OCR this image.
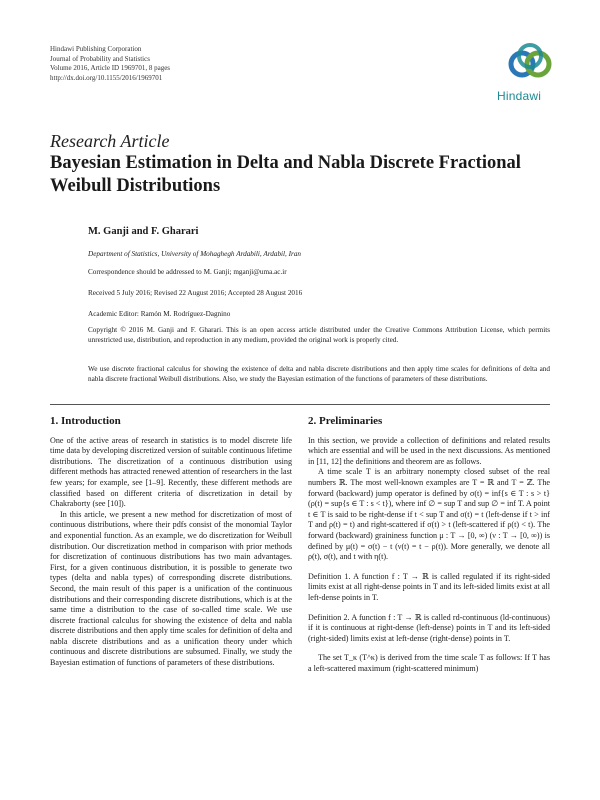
Hindawi Publishing Corporation
Journal of Probability and Statistics
Volume 2016, Article ID 1969701, 8 pages
http://dx.doi.org/10.1155/2016/1969701
Hindawi
Research Article
Bayesian Estimation in Delta and Nabla Discrete Fractional Weibull Distributions
M. Ganji and F. Gharari
Department of Statistics, University of Mohaghegh Ardabili, Ardabil, Iran
Correspondence should be addressed to M. Ganji; mganji@uma.ac.ir
Received 5 July 2016; Revised 22 August 2016; Accepted 28 August 2016
Academic Editor: Ramón M. Rodríguez-Dagnino
Copyright © 2016 M. Ganji and F. Gharari. This is an open access article distributed under the Creative Commons Attribution License, which permits unrestricted use, distribution, and reproduction in any medium, provided the original work is properly cited.
We use discrete fractional calculus for showing the existence of delta and nabla discrete distributions and then apply time scales for definitions of delta and nabla discrete fractional Weibull distributions. Also, we study the Bayesian estimation of the functions of parameters of these distributions.
1. Introduction

One of the active areas of research in statistics is to model discrete life time data by developing discretized version of suitable continuous lifetime distributions. The discretization of a continuous distribution using different methods has attracted renewed attention of researchers in the last few years; for example, see [1–9]. Recently, these different methods are classified based on different criteria of discretization in detail by Chakraborty (see [10]).

In this article, we present a new method for discretization of most of continuous distributions, where their pdfs consist of the monomial Taylor and exponential function. As an example, we do discretization for Weibull distribution. Our discretization method in comparison with prior methods for discretization of continuous distributions has two main advantages. First, for a given continuous distribution, it is possible to generate two types (delta and nabla types) of corresponding discrete distributions. Second, the main result of this paper is a unification of the continuous distributions and their corresponding discrete distributions, which is at the same time a distribution to the case of so-called time scale. We use discrete fractional calculus for showing the existence of delta and nabla discrete distributions and then apply time scales for definition of delta and nabla discrete distributions and as a unification theory under which continuous and discrete distributions are subsumed. Finally, we study the Bayesian estimation of functions of parameters of these distributions.

2. Preliminaries

In this section, we provide a collection of definitions and related results which are essential and will be used in the next discussions. As mentioned in [11, 12] the definitions and theorem are as follows.

A time scale T is an arbitrary nonempty closed subset of the real numbers ℝ. The most well-known examples are T = ℝ and T = ℤ. The forward (backward) jump operator is defined by σ(t) = inf{s ∈ T : s > t} (ρ(t) = sup{s ∈ T : s < t}), where inf ∅ = sup T and sup ∅ = inf T. A point t ∈ T is said to be right-dense if t < sup T and σ(t) = t (left-dense if t > inf T and ρ(t) = t) and right-scattered if σ(t) > t (left-scattered if ρ(t) < t). The forward (backward) graininess function μ : T → [0, ∞) (ν : T → [0, ∞)) is defined by μ(t) = σ(t) − t (ν(t) = t − ρ(t)). More generally, we denote all ρ(t), σ(t), and t with η(t).

Definition 1. A function f : T → ℝ is called regulated if its right-sided limits exist at all right-dense points in T and its left-sided limits exist at all left-dense points in T.

Definition 2. A function f : T → ℝ is called rd-continuous (ld-continuous) if it is continuous at right-dense (left-dense) points in T and its left-sided (right-sided) limits exist at left-dense (right-dense) points in T.

The set T_κ (T^κ) is derived from the time scale T as follows: If T has a left-scattered maximum (right-scattered minimum)
